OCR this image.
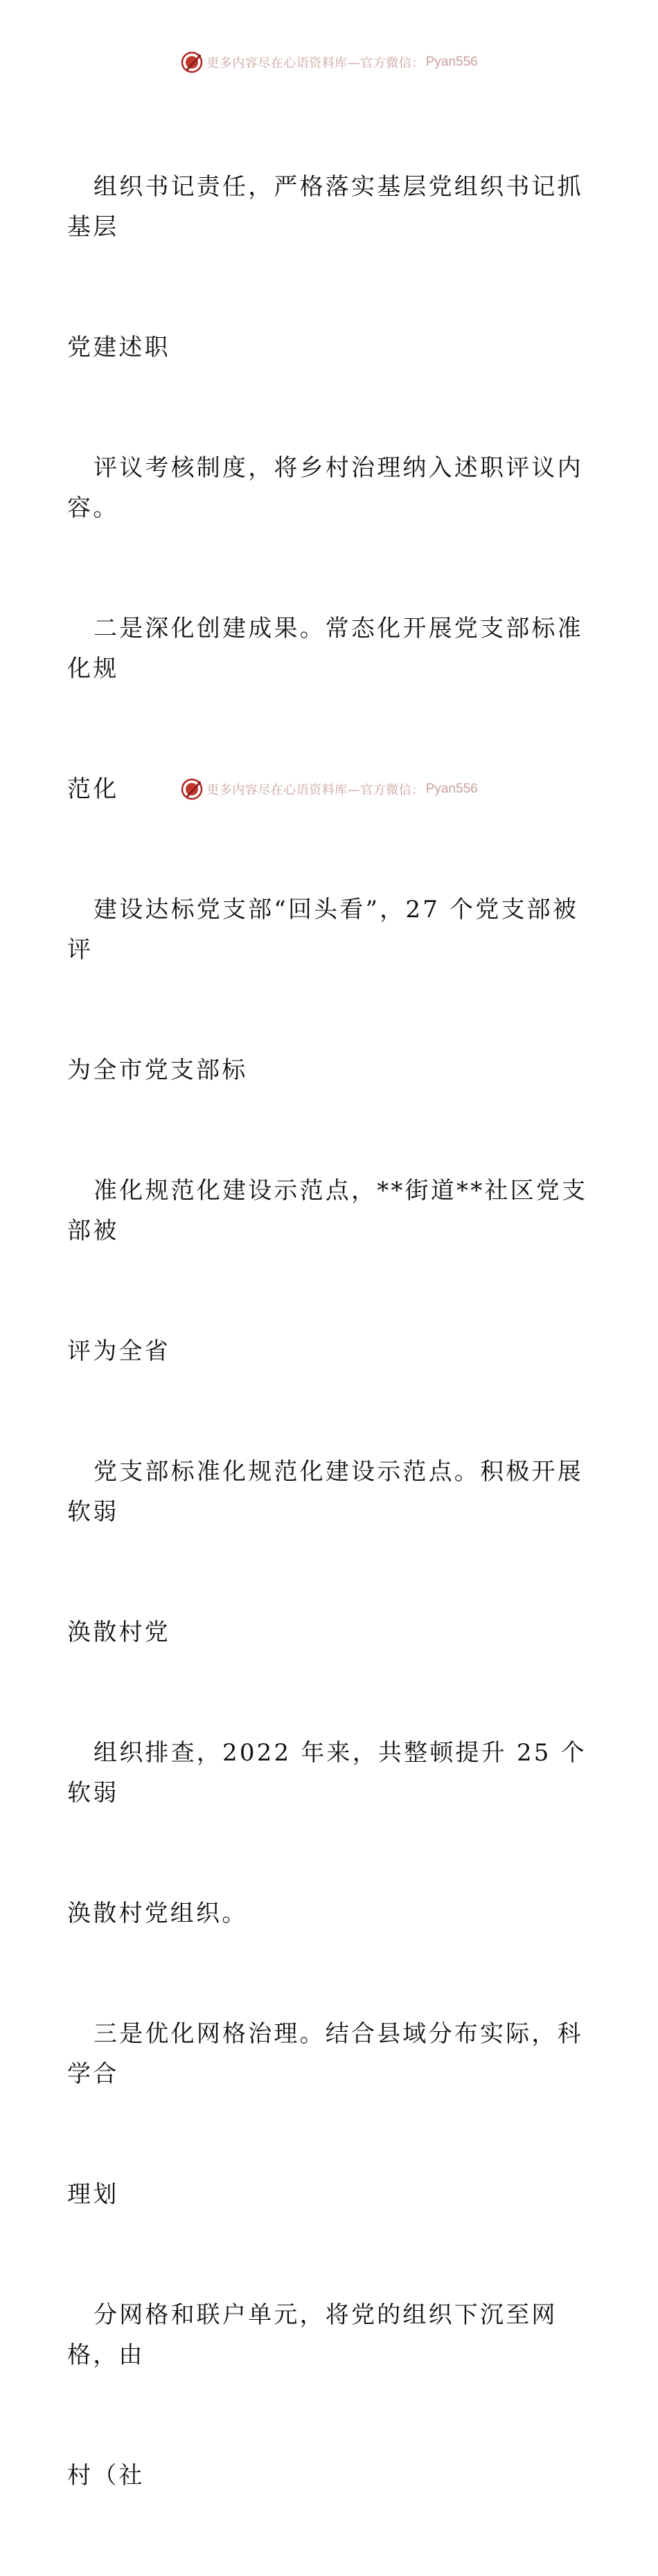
更多内容尽在心语资料库—官方微信： Pyan556

组织书记责任，严格落实基层党组织书记抓基层

党建述职

评议考核制度，将乡村治理纳入述职评议内容。

二是深化创建成果。常态化开展党支部标准化规

范化

建设达标党支部“回头看”，27 个党支部被评

为全市党支部标

准化规范化建设示范点，**街道**社区党支部被

评为全省

党支部标准化规范化建设示范点。积极开展软弱

涣散村党

组织排查，2022 年来，共整顿提升 25 个软弱

涣散村党组织。

三是优化网格治理。结合县域分布实际，科学合

理划

分网格和联户单元，将党的组织下沉至网格，由

村（社

更多内容尽在心语资料库—官方微信： Pyan556
